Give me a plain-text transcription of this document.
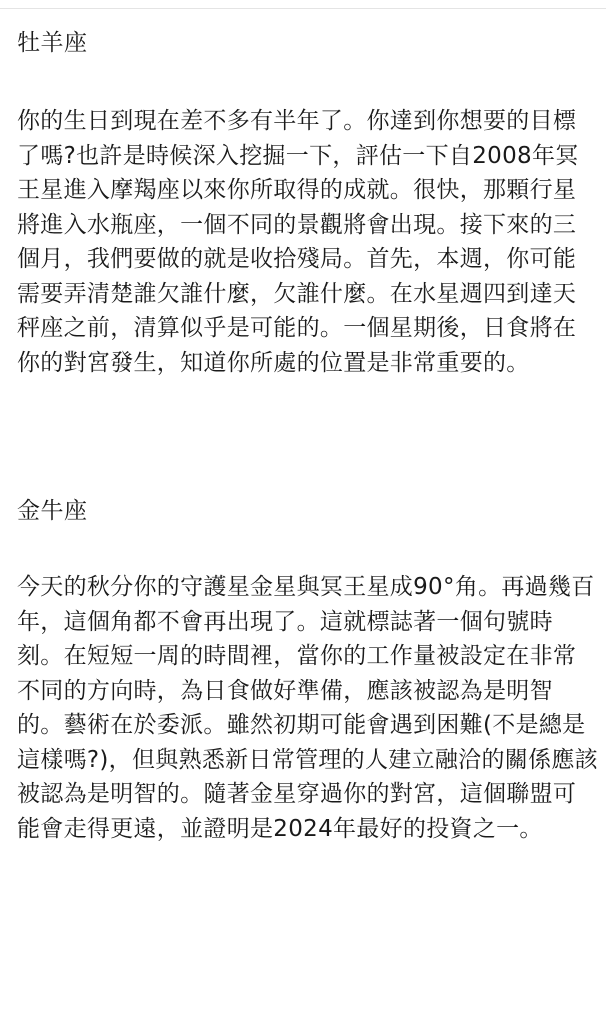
牡羊座

你的生日到現在差不多有半年了。你達到你想要的目標了嗎?也許是時候深入挖掘一下，評估一下自2008年冥王星進入摩羯座以來你所取得的成就。很快，那顆行星將進入水瓶座，一個不同的景觀將會出現。接下來的三個月，我們要做的就是收拾殘局。首先，本週，你可能需要弄清楚誰欠誰什麼，欠誰什麼。在水星週四到達天秤座之前，清算似乎是可能的。一個星期後，日食將在你的對宮發生，知道你所處的位置是非常重要的。

金牛座

今天的秋分你的守護星金星與冥王星成90°角。再過幾百年，這個角都不會再出現了。這就標誌著一個句號時刻。在短短一周的時間裡，當你的工作量被設定在非常不同的方向時，為日食做好準備，應該被認為是明智的。藝術在於委派。雖然初期可能會遇到困難(不是總是這樣嗎?)，但與熟悉新日常管理的人建立融洽的關係應該被認為是明智的。隨著金星穿過你的對宮，這個聯盟可能會走得更遠，並證明是2024年最好的投資之一。
